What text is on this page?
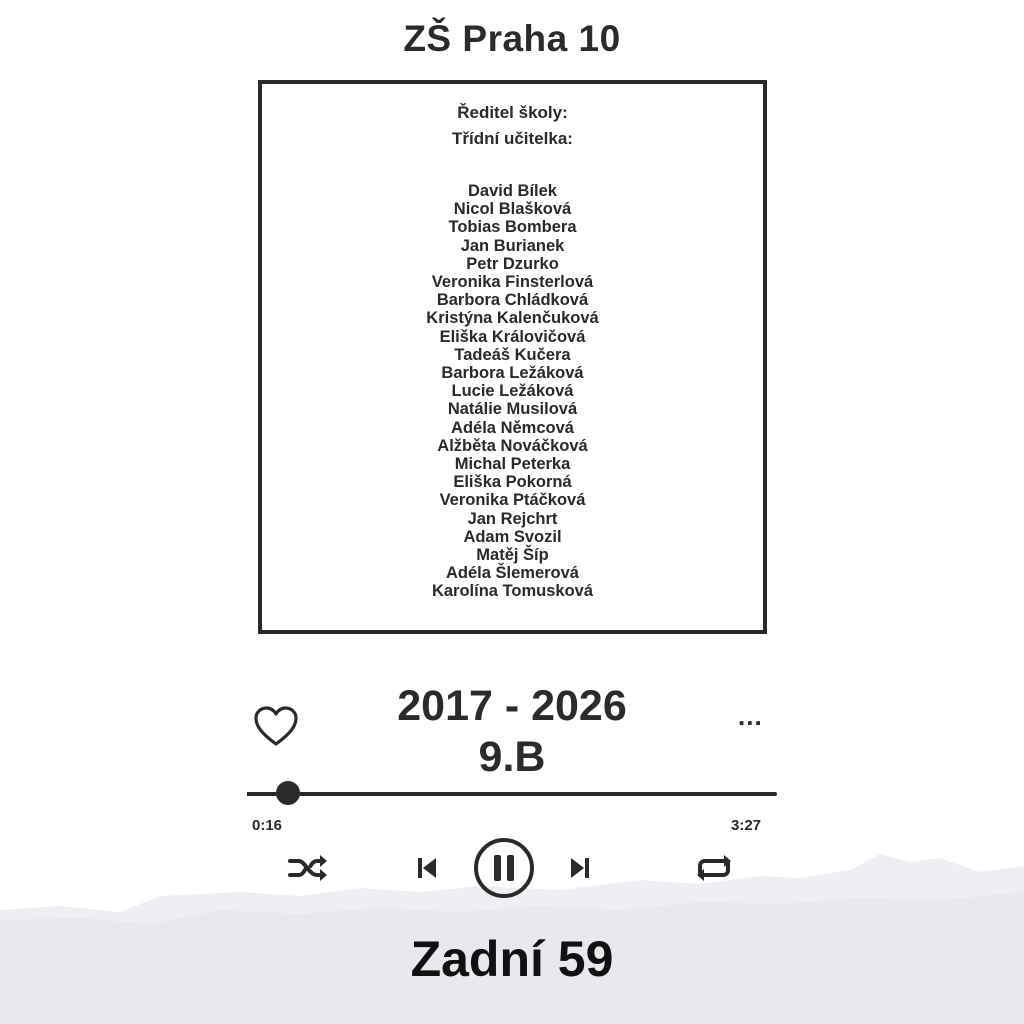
ZŠ Praha 10
Ředitel školy:
Třídní učitelka:
David Bílek
Nicol Blašková
Tobias Bombera
Jan Burianek
Petr Dzurko
Veronika Finsterlová
Barbora Chládková
Kristýna Kalenčuková
Eliška Královičová
Tadeáš Kučera
Barbora Ležáková
Lucie Ležáková
Natálie Musilová
Adéla Němcová
Alžběta Nováčková
Michal Peterka
Eliška Pokorná
Veronika Ptáčková
Jan Rejchrt
Adam Svozil
Matěj Šíp
Adéla Šlemerová
Karolína Tomusková
...
2017 - 2026
9.B
0:16	3:27
Zadní 59
